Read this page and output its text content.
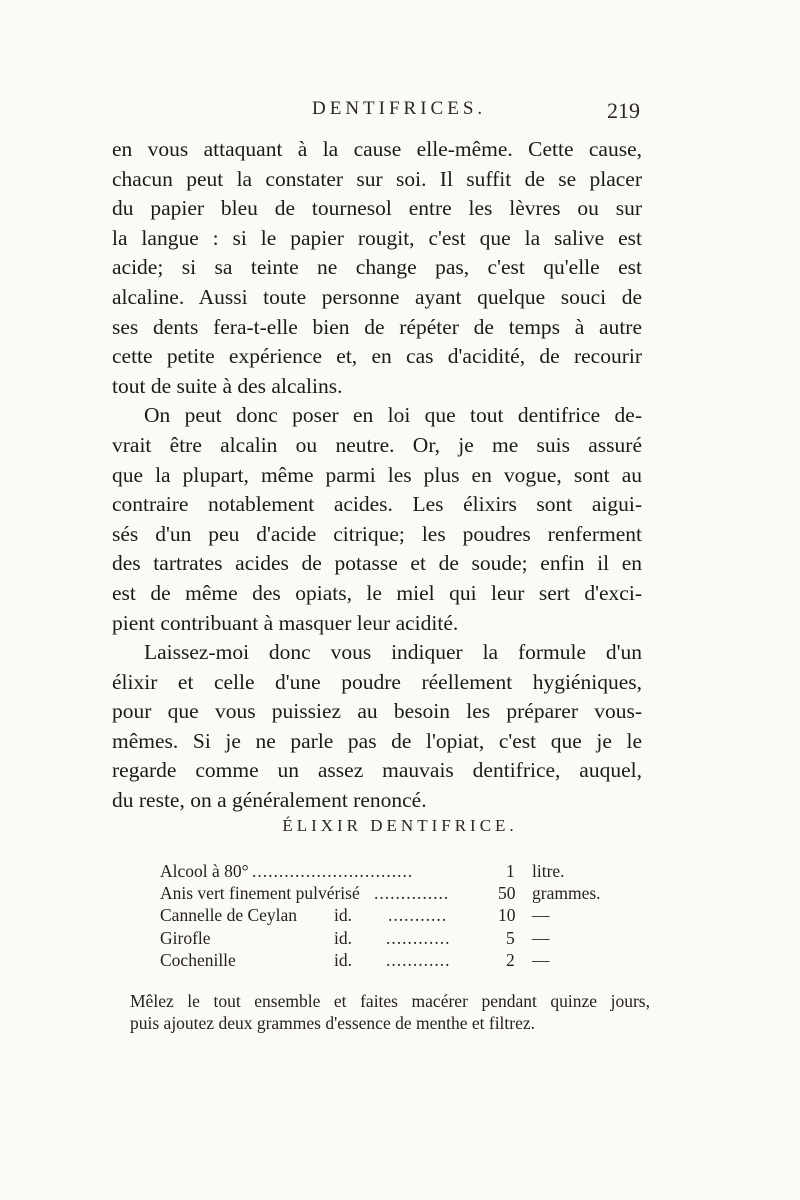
DENTIFRICES.	219
en vous attaquant à la cause elle-même. Cette cause,
chacun peut la constater sur soi. Il suffit de se placer
du papier bleu de tournesol entre les lèvres ou sur
la langue : si le papier rougit, c'est que la salive est
acide; si sa teinte ne change pas, c'est qu'elle est
alcaline. Aussi toute personne ayant quelque souci de
ses dents fera-t-elle bien de répéter de temps à autre
cette petite expérience et, en cas d'acidité, de recourir
tout de suite à des alcalins.
On peut donc poser en loi que tout dentifrice de-
vrait être alcalin ou neutre. Or, je me suis assuré
que la plupart, même parmi les plus en vogue, sont au
contraire notablement acides. Les élixirs sont aigui-
sés d'un peu d'acide citrique; les poudres renferment
des tartrates acides de potasse et de soude; enfin il en
est de même des opiats, le miel qui leur sert d'exci-
pient contribuant à masquer leur acidité.
Laissez-moi donc vous indiquer la formule d'un
élixir et celle d'une poudre réellement hygiéniques,
pour que vous puissiez au besoin les préparer vous-
mêmes. Si je ne parle pas de l'opiat, c'est que je le
regarde comme un assez mauvais dentifrice, auquel,
du reste, on a généralement renoncé.
ÉLIXIR DENTIFRICE.
Alcool à 80° ..............................	1 litre.
Anis vert finement pulvérisé ..............	50 grammes.
Cannelle de Ceylan id. ...........	10 —
Girofle	id. ............	5 —
Cochenille	id. ............	2 —
Mêlez le tout ensemble et faites macérer pendant quinze jours,
puis ajoutez deux grammes d'essence de menthe et filtrez.
